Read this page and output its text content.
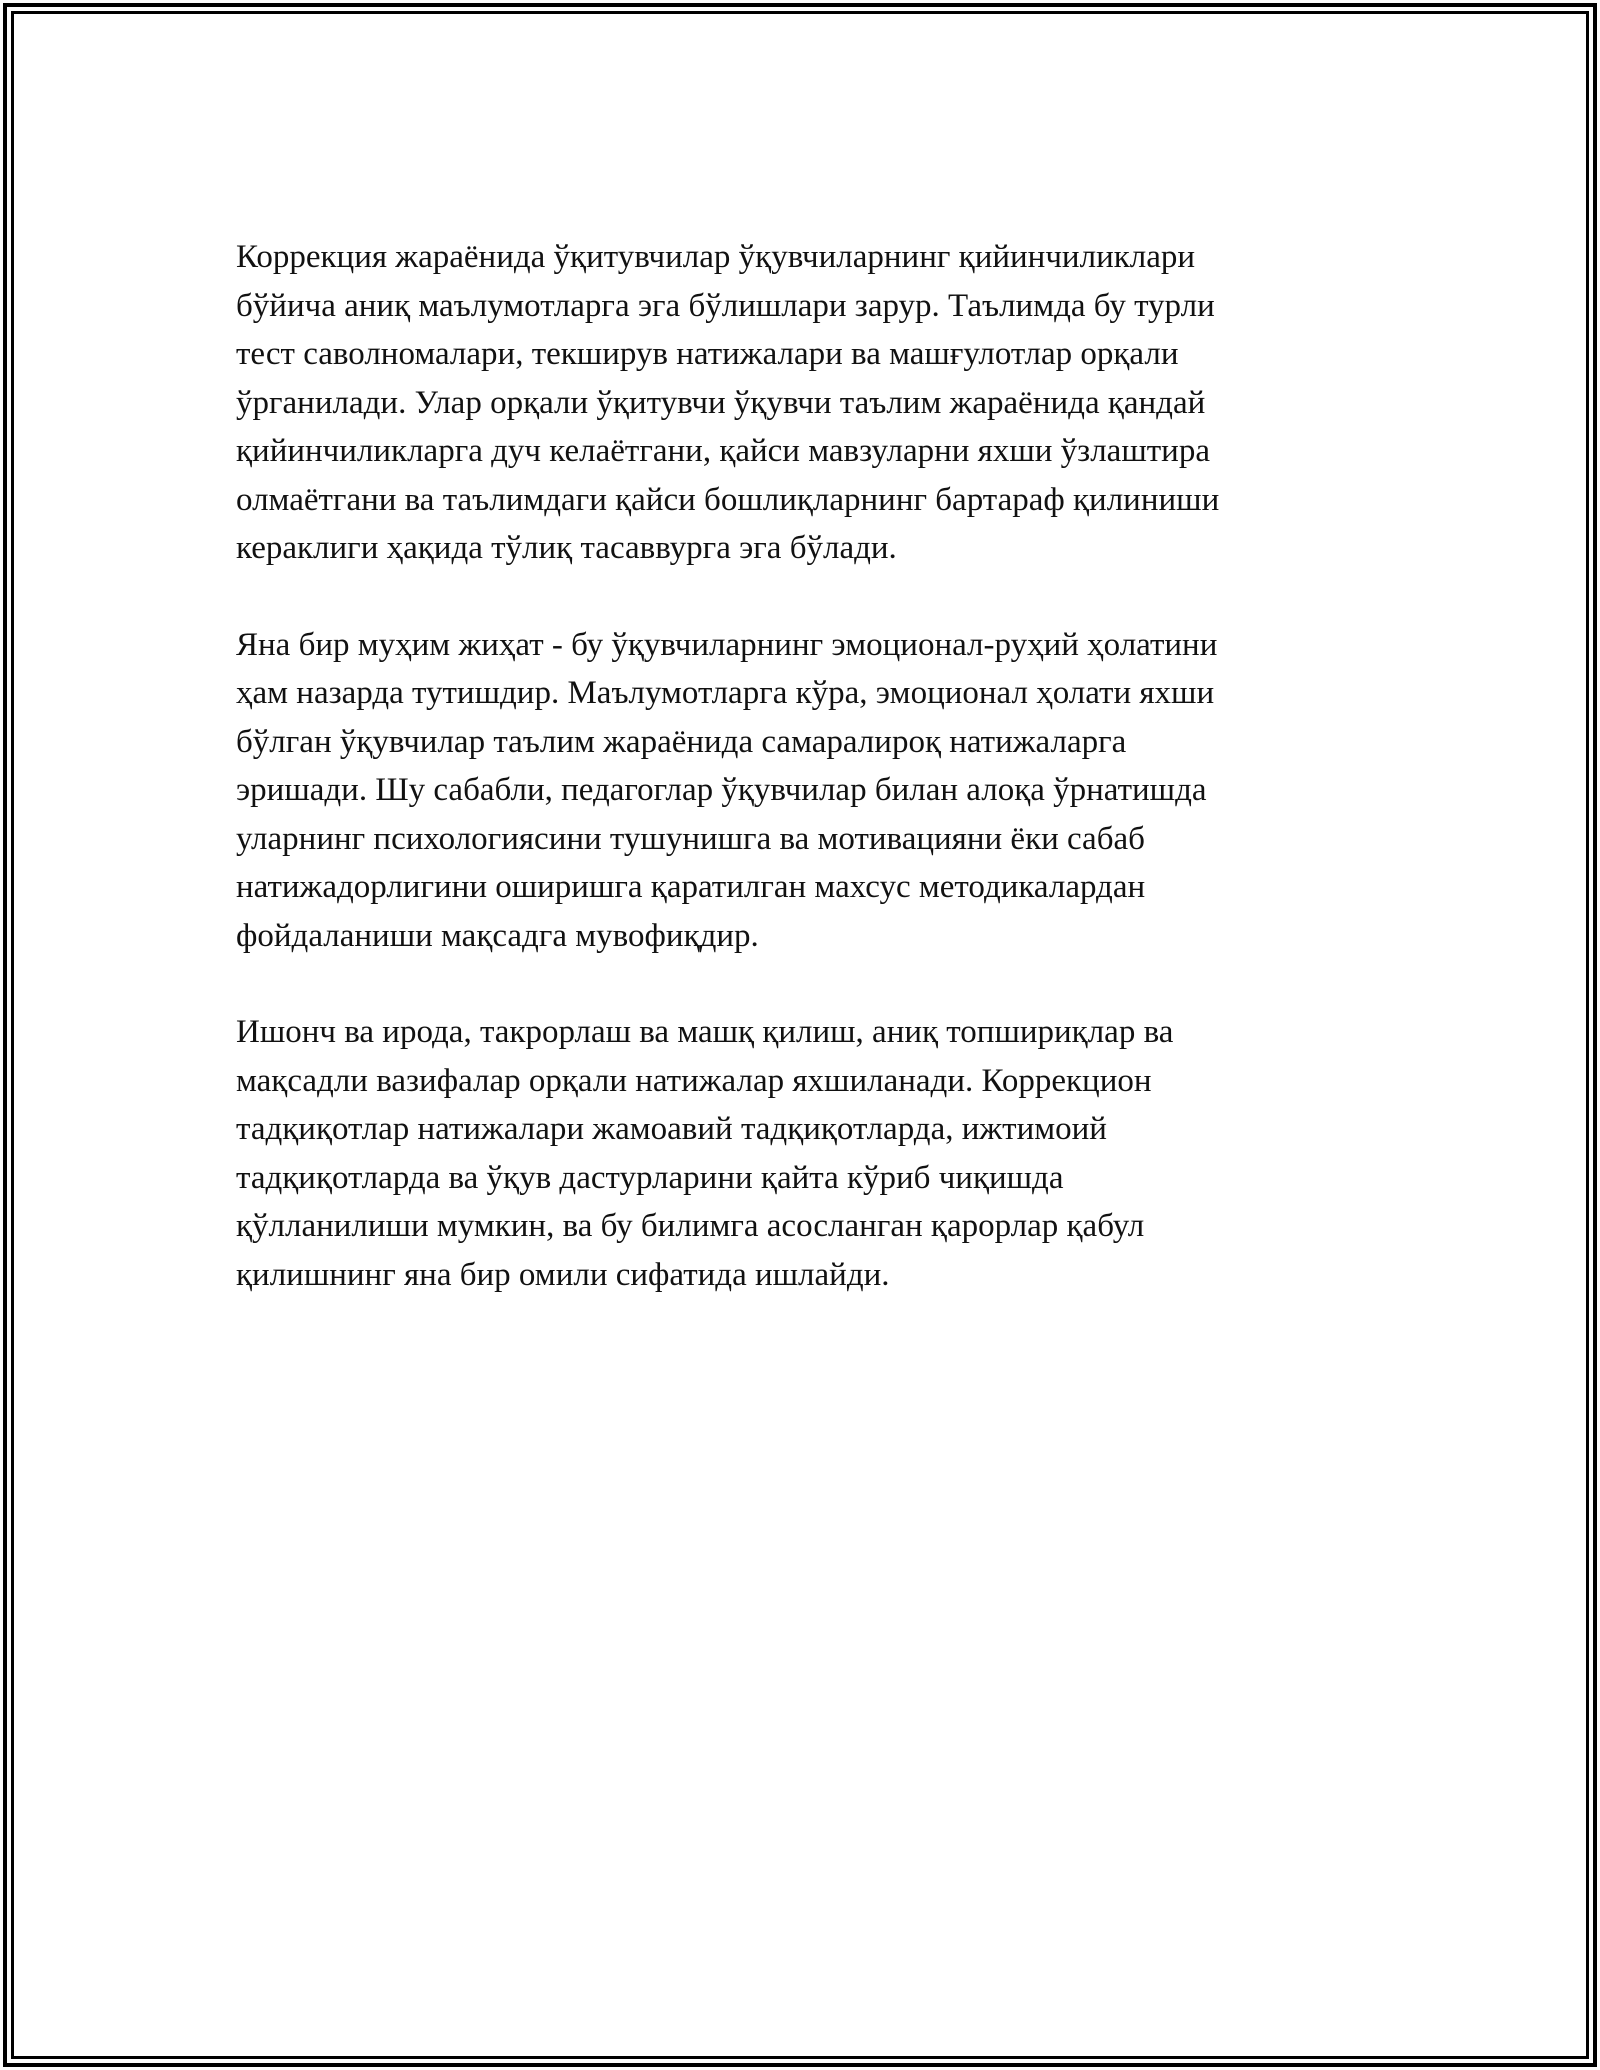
Коррекция жараёнида ўқитувчилар ўқувчиларнинг қийинчиликлари
бўйича аниқ маълумотларга эга бўлишлари зарур. Таълимда бу турли
тест саволномалари, текширув натижалари ва машғулотлар орқали
ўрганилади. Улар орқали ўқитувчи ўқувчи таълим жараёнида қандай
қийинчиликларга дуч келаётгани, қайси мавзуларни яхши ўзлаштира
олмаётгани ва таълимдаги қайси бошлиқларнинг бартараф қилиниши
кераклиги ҳақида тўлиқ тасаввурга эга бўлади.

Яна бир муҳим жиҳат - бу ўқувчиларнинг эмоционал-руҳий ҳолатини
ҳам назарда тутишдир. Маълумотларга кўра, эмоционал ҳолати яхши
бўлган ўқувчилар таълим жараёнида самаралироқ натижаларга
эришади. Шу сабабли, педагоглар ўқувчилар билан алоқа ўрнатишда
уларнинг психологиясини тушунишга ва мотивацияни ёки сабаб
натижадорлигини оширишга қаратилган махсус методикалардан
фойдаланиши мақсадга мувофиқдир.

Ишонч ва ирода, такрорлаш ва машқ қилиш, аниқ топшириқлар ва
мақсадли вазифалар орқали натижалар яхшиланади. Коррекцион
тадқиқотлар натижалари жамоавий тадқиқотларда, ижтимоий
тадқиқотларда ва ўқув дастурларини қайта кўриб чиқишда
қўлланилиши мумкин, ва бу билимга асосланган қарорлар қабул
қилишнинг яна бир омили сифатида ишлайди.
